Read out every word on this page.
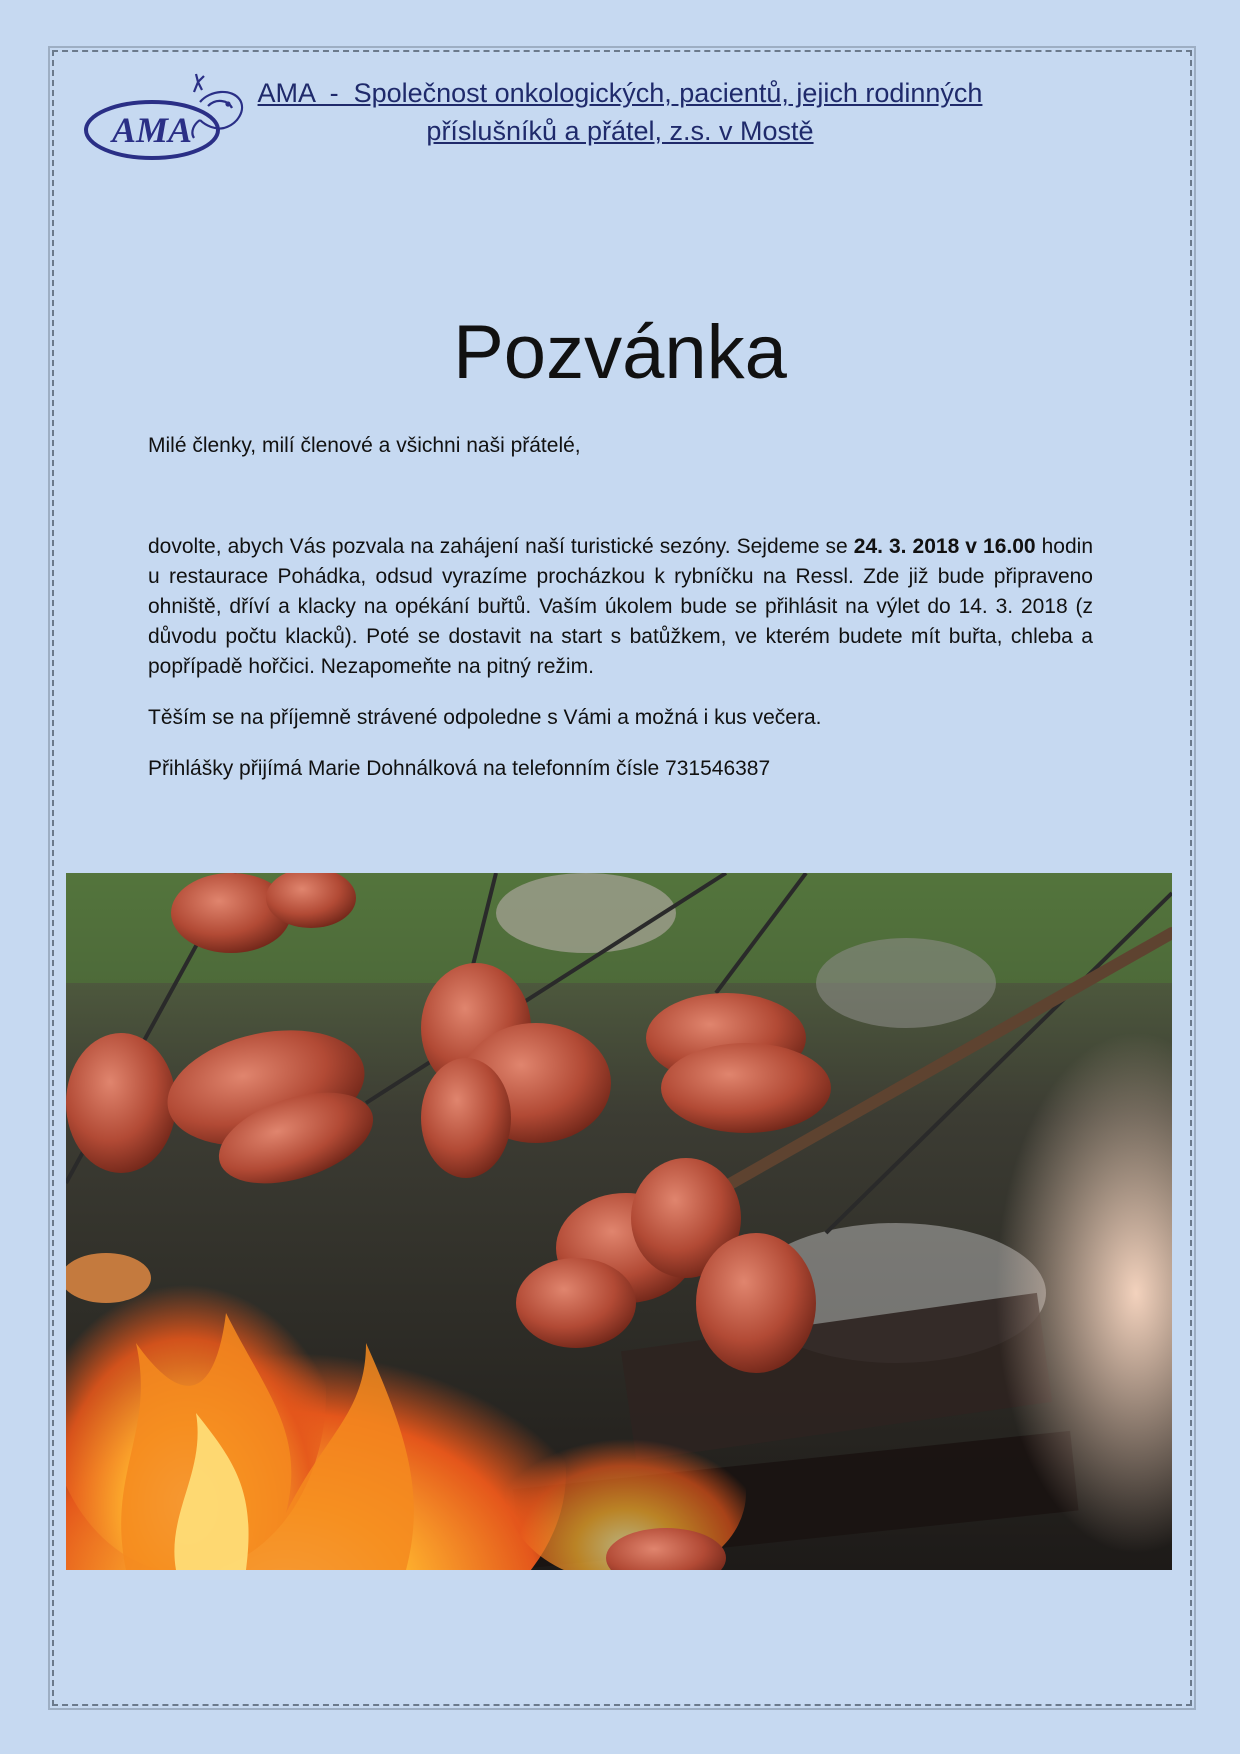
AMA
AMA  -  Společnost onkologických, pacientů, jejich rodinných
příslušníků a přátel, z.s. v Mostě
Pozvánka

Milé členky, milí členové a všichni naši přátelé,

dovolte, abych Vás pozvala na zahájení naší turistické sezóny. Sejdeme se 24. 3. 2018 v 16.00 hodin u restaurace Pohádka, odsud vyrazíme procházkou k rybníčku na Ressl. Zde již bude připraveno ohniště, dříví a klacky na opékání buřtů. Vaším úkolem bude se přihlásit na výlet do 14. 3. 2018 (z důvodu počtu klacků). Poté se dostavit na start s batůžkem, ve kterém budete mít buřta, chleba a popřípadě hořčici. Nezapomeňte na pitný režim.

Těším se na příjemně strávené odpoledne s Vámi a možná i kus večera.

Přihlášky přijímá Marie Dohnálková na telefonním čísle 731546387
